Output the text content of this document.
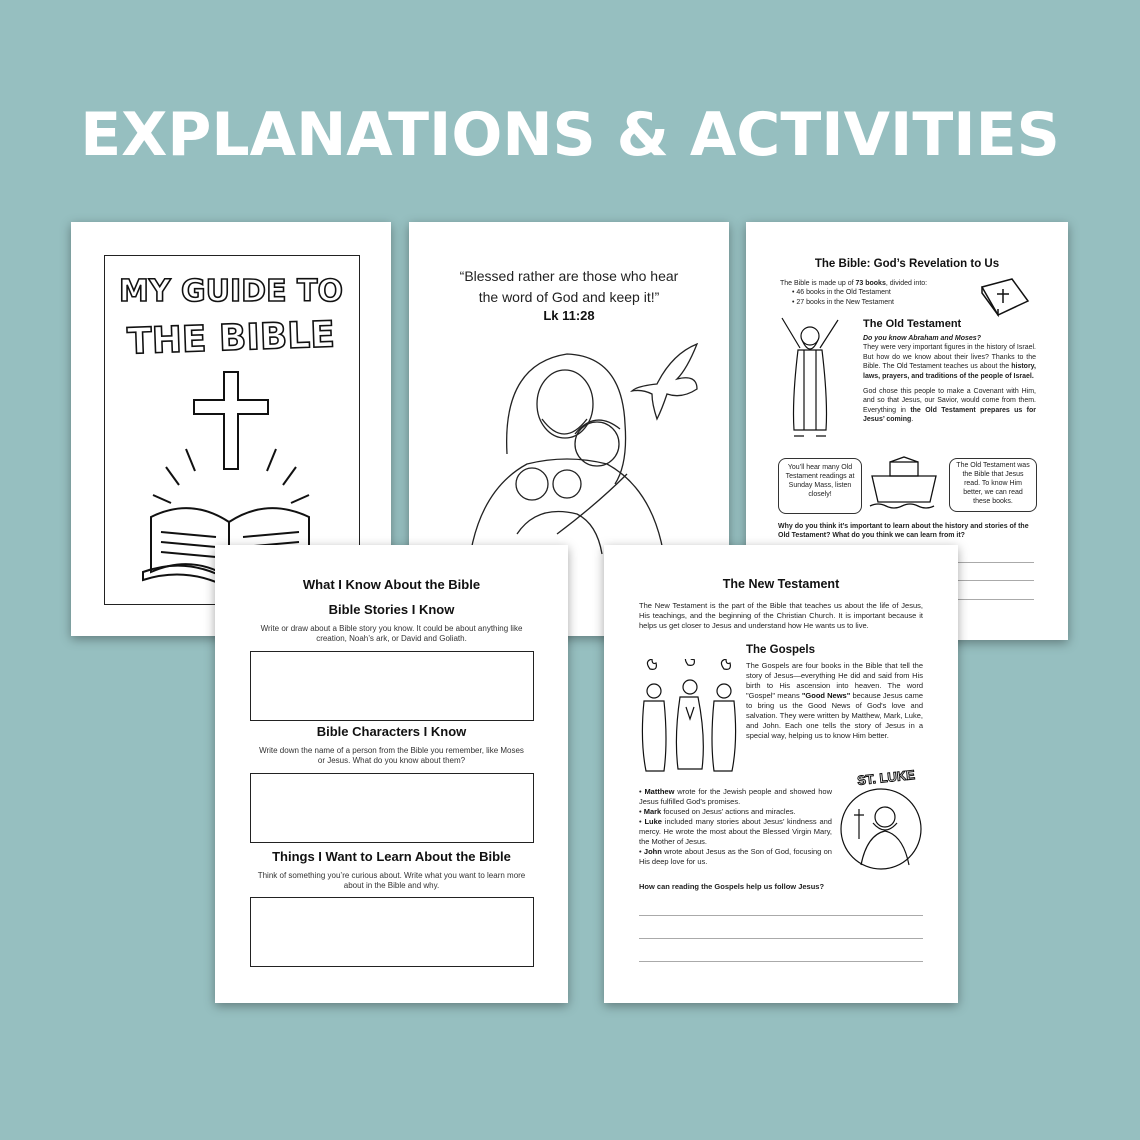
EXPLANATIONS & ACTIVITIES
MY GUIDE TO
THE BIBLE
“Blessed rather are those who hear
the word of God and keep it!”
Lk 11:28
The Bible: God’s Revelation to Us
The Bible is made up of 73 books, divided into:
• 46 books in the Old Testament
• 27 books in the New Testament
The Old Testament
Do you know Abraham and Moses?
They were very important figures in the history of Israel. But how do we know about their lives? Thanks to the Bible. The Old Testament teaches us about the history, laws, prayers, and traditions of the people of Israel.
God chose this people to make a Covenant with Him, and so that Jesus, our Savior, would come from them. Everything in the Old Testament prepares us for Jesus’ coming.
You’ll hear many Old Testament readings at Sunday Mass, listen closely!
The Old Testament was the Bible that Jesus read. To know Him better, we can read these books.
Why do you think it’s important to learn about the history and stories of the Old Testament? What do you think we can learn from it?
What I Know About the Bible
Bible Stories I Know
Write or draw about a Bible story you know. It could be about anything like creation, Noah’s ark, or David and Goliath.
Bible Characters I Know
Write down the name of a person from the Bible you remember, like Moses or Jesus. What do you know about them?
Things I Want to Learn About the Bible
Think of something you’re curious about. Write what you want to learn more about in the Bible and why.
The New Testament
The New Testament is the part of the Bible that teaches us about the life of Jesus, His teachings, and the beginning of the Christian Church. It is important because it helps us get closer to Jesus and understand how He wants us to live.
The Gospels
The Gospels are four books in the Bible that tell the story of Jesus—everything He did and said from His birth to His ascension into heaven. The word "Gospel" means "Good News" because Jesus came to bring us the Good News of God's love and salvation. They were written by Matthew, Mark, Luke, and John. Each one tells the story of Jesus in a special way, helping us to know Him better.
• Matthew wrote for the Jewish people and showed how Jesus fulfilled God’s promises.
• Mark focused on Jesus’ actions and miracles.
• Luke included many stories about Jesus’ kindness and mercy. He wrote the most about the Blessed Virgin Mary, the Mother of Jesus.
• John wrote about Jesus as the Son of God, focusing on His deep love for us.
ST. LUKE
How can reading the Gospels help us follow Jesus?
